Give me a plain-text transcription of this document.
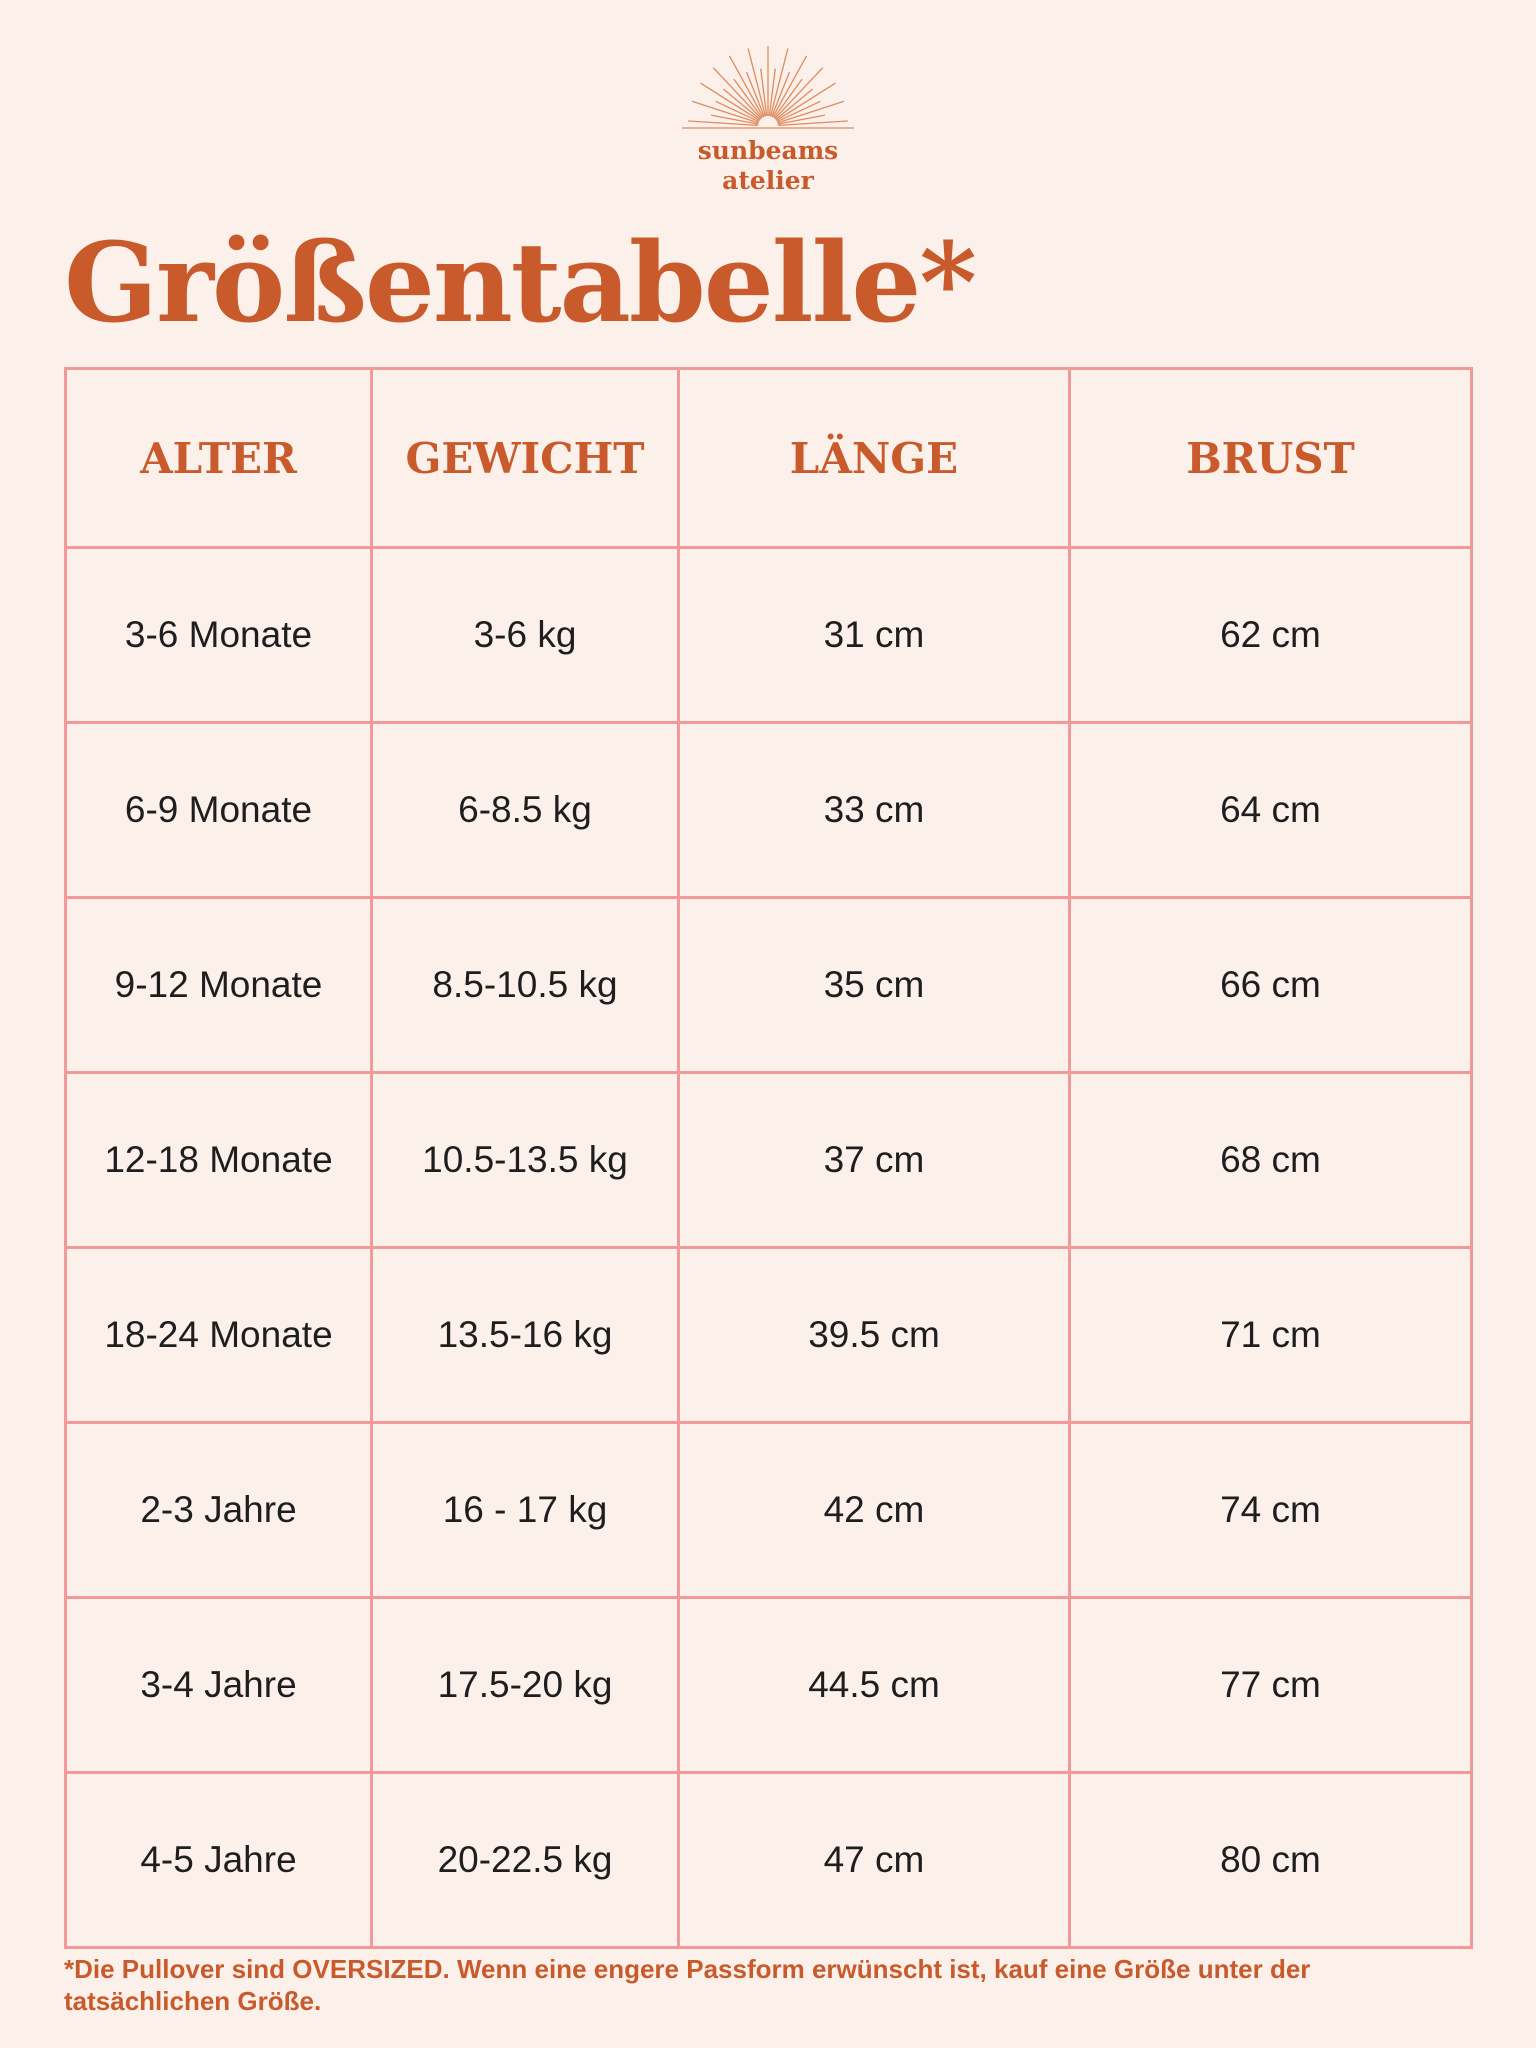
sunbeams
atelier
Größentabelle*
ALTER	GEWICHT	LÄNGE	BRUST
3-6 Monate	3-6 kg	31 cm	62 cm
6-9 Monate	6-8.5 kg	33 cm	64 cm
9-12 Monate	8.5-10.5 kg	35 cm	66 cm
12-18 Monate	10.5-13.5 kg	37 cm	68 cm
18-24 Monate	13.5-16 kg	39.5 cm	71 cm
2-3 Jahre	16 - 17 kg	42 cm	74 cm
3-4 Jahre	17.5-20 kg	44.5 cm	77 cm
4-5 Jahre	20-22.5 kg	47 cm	80 cm

*Die Pullover sind OVERSIZED. Wenn eine engere Passform erwünscht ist, kauf eine Größe unter der tatsächlichen Größe.
